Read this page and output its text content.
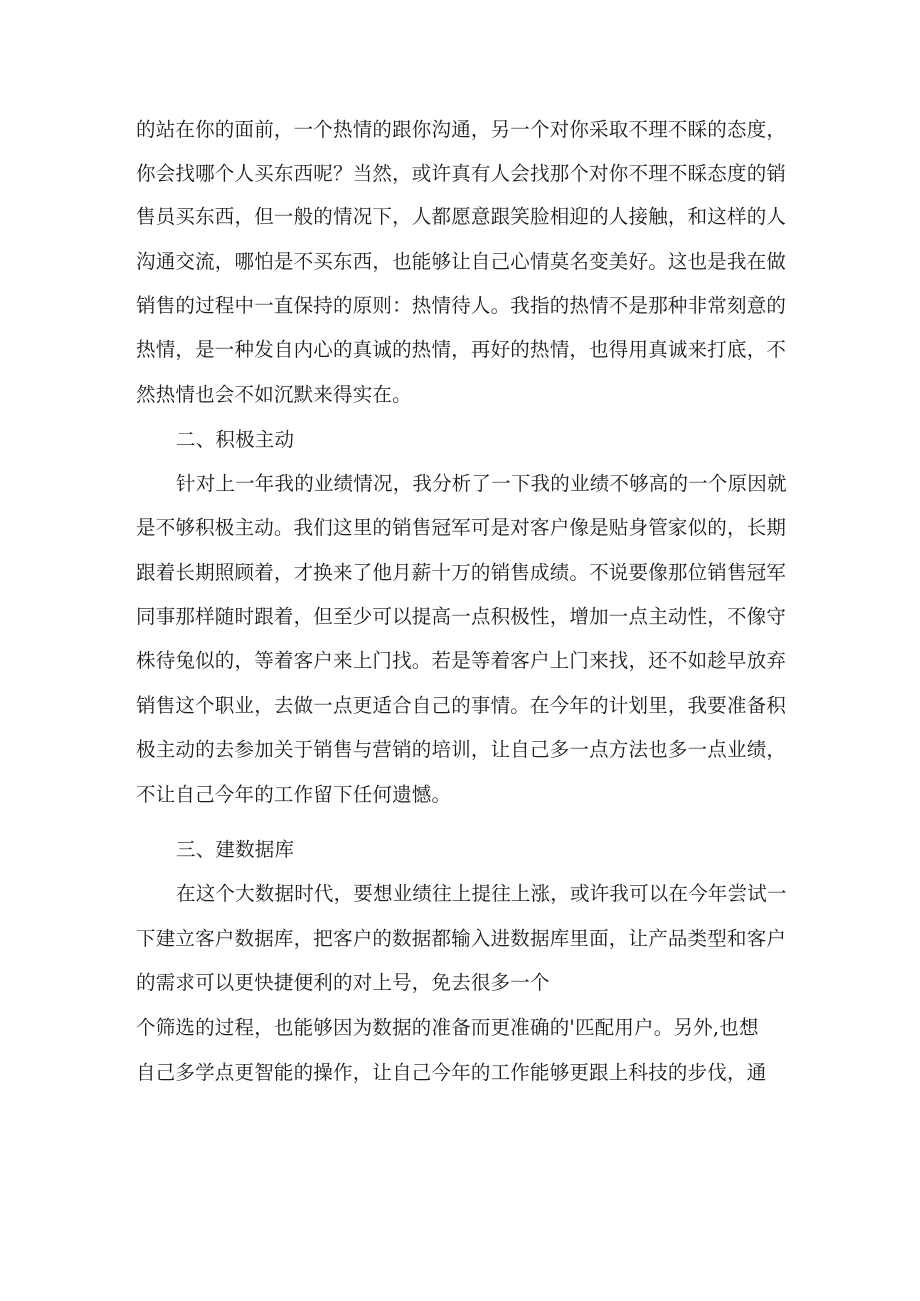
的站在你的面前，一个热情的跟你沟通，另一个对你采取不理不睬的态度，
你会找哪个人买东西呢？当然，或许真有人会找那个对你不理不睬态度的销
售员买东西，但一般的情况下，人都愿意跟笑脸相迎的人接触，和这样的人
沟通交流，哪怕是不买东西，也能够让自己心情莫名变美好。这也是我在做
销售的过程中一直保持的原则：热情待人。我指的热情不是那种非常刻意的
热情，是一种发自内心的真诚的热情，再好的热情，也得用真诚来打底，不
然热情也会不如沉默来得实在。
二、积极主动
针对上一年我的业绩情况，我分析了一下我的业绩不够高的一个原因就
是不够积极主动。我们这里的销售冠军可是对客户像是贴身管家似的，长期
跟着长期照顾着，才换来了他月薪十万的销售成绩。不说要像那位销售冠军
同事那样随时跟着，但至少可以提高一点积极性，增加一点主动性，不像守
株待兔似的，等着客户来上门找。若是等着客户上门来找，还不如趁早放弃
销售这个职业，去做一点更适合自己的事情。在今年的计划里，我要准备积
极主动的去参加关于销售与营销的培训，让自己多一点方法也多一点业绩，
不让自己今年的工作留下任何遗憾。
三、建数据库
在这个大数据时代，要想业绩往上提往上涨，或许我可以在今年尝试一
下建立客户数据库，把客户的数据都输入进数据库里面，让产品类型和客户
的需求可以更快捷便利的对上号，免去很多一个
个筛选的过程，也能够因为数据的准备而更准确的'匹配用户。另外,也想
自己多学点更智能的操作，让自己今年的工作能够更跟上科技的步伐，通
